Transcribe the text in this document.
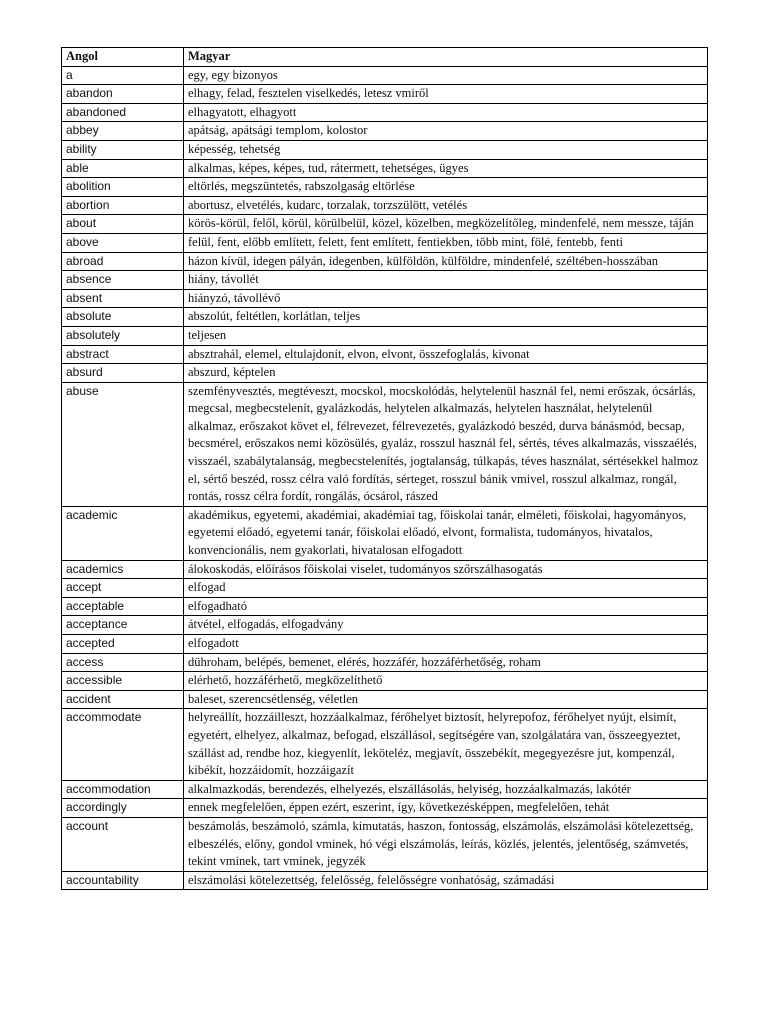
Angol	Magyar
a	egy, egy bizonyos
abandon	elhagy, felad, fesztelen viselkedés, letesz vmiről
abandoned	elhagyatott, elhagyott
abbey	apátság, apátsági templom, kolostor
ability	képesség, tehetség
able	alkalmas, képes, képes, tud, rátermett, tehetséges, ügyes
abolition	eltörlés, megszüntetés, rabszolgaság eltörlése
abortion	abortusz, elvetélés, kudarc, torzalak, torzszülött, vetélés
about	körös-körül, felől, körül, körülbelül, közel, közelben, megközelítőleg, mindenfelé, nem messze, táján
above	felül, fent, előbb említett, felett, fent említett, fentiekben, több mint, fölé, fentebb, fenti
abroad	házon kívül, idegen pályán, idegenben, külföldön, külföldre, mindenfelé, széltében-hosszában
absence	hiány, távollét
absent	hiányzó, távollévő
absolute	abszolút, feltétlen, korlátlan, teljes
absolutely	teljesen
abstract	absztrahál, elemel, eltulajdonít, elvon, elvont, összefoglalás, kivonat
absurd	abszurd, képtelen
abuse	szemfényvesztés, megtéveszt, mocskol, mocskolódás, helytelenül használ fel, nemi erőszak, ócsárlás, megcsal, megbecstelenít, gyalázkodás, helytelen alkalmazás, helytelen használat, helytelenül alkalmaz, erőszakot követ el, félrevezet, félrevezetés, gyalázkodó beszéd, durva bánásmód, becsap, becsmérel, erőszakos nemi közösülés, gyaláz, rosszul használ fel, sértés, téves alkalmazás, visszaélés, visszaél, szabálytalanság, megbecstelenítés, jogtalanság, túlkapás, téves használat, sértésekkel halmoz el, sértő beszéd, rossz célra való fordítás, sérteget, rosszul bánik vmivel, rosszul alkalmaz, rongál, rontás, rossz célra fordít, rongálás, ócsárol, rászed
academic	akadémikus, egyetemi, akadémiai, akadémiai tag, főiskolai tanár, elméleti, főiskolai, hagyományos, egyetemi előadó, egyetemi tanár, főiskolai előadó, elvont, formalista, tudományos, hivatalos, konvencionális, nem gyakorlati, hivatalosan elfogadott
academics	álokoskodás, előírásos főiskolai viselet, tudományos szőrszálhasogatás
accept	elfogad
acceptable	elfogadható
acceptance	átvétel, elfogadás, elfogadvány
accepted	elfogadott
access	dühroham, belépés, bemenet, elérés, hozzáfér, hozzáférhetőség, roham
accessible	elérhető, hozzáférhető, megközelíthető
accident	baleset, szerencsétlenség, véletlen
accommodate	helyreállít, hozzáilleszt, hozzáalkalmaz, férőhelyet biztosít, helyrepofoz, férőhelyet nyújt, elsimít, egyetért, elhelyez, alkalmaz, befogad, elszállásol, segítségére van, szolgálatára van, összeegyeztet, szállást ad, rendbe hoz, kiegyenlít, leköteléz, megjavít, összebékít, megegyezésre jut, kompenzál, kibékít, hozzáidomít, hozzáigazít
accommodation	alkalmazkodás, berendezés, elhelyezés, elszállásolás, helyiség, hozzáalkalmazás, lakótér
accordingly	ennek megfelelően, éppen ezért, eszerint, így, következésképpen, megfelelően, tehát
account	beszámolás, beszámoló, számla, kimutatás, haszon, fontosság, elszámolás, elszámolási kötelezettség, elbeszélés, előny, gondol vminek, hó végi elszámolás, leírás, közlés, jelentés, jelentőség, számvetés, tekint vminek, tart vminek, jegyzék
accountability	elszámolási kötelezettség, felelősség, felelősségre vonhatóság, számadási
